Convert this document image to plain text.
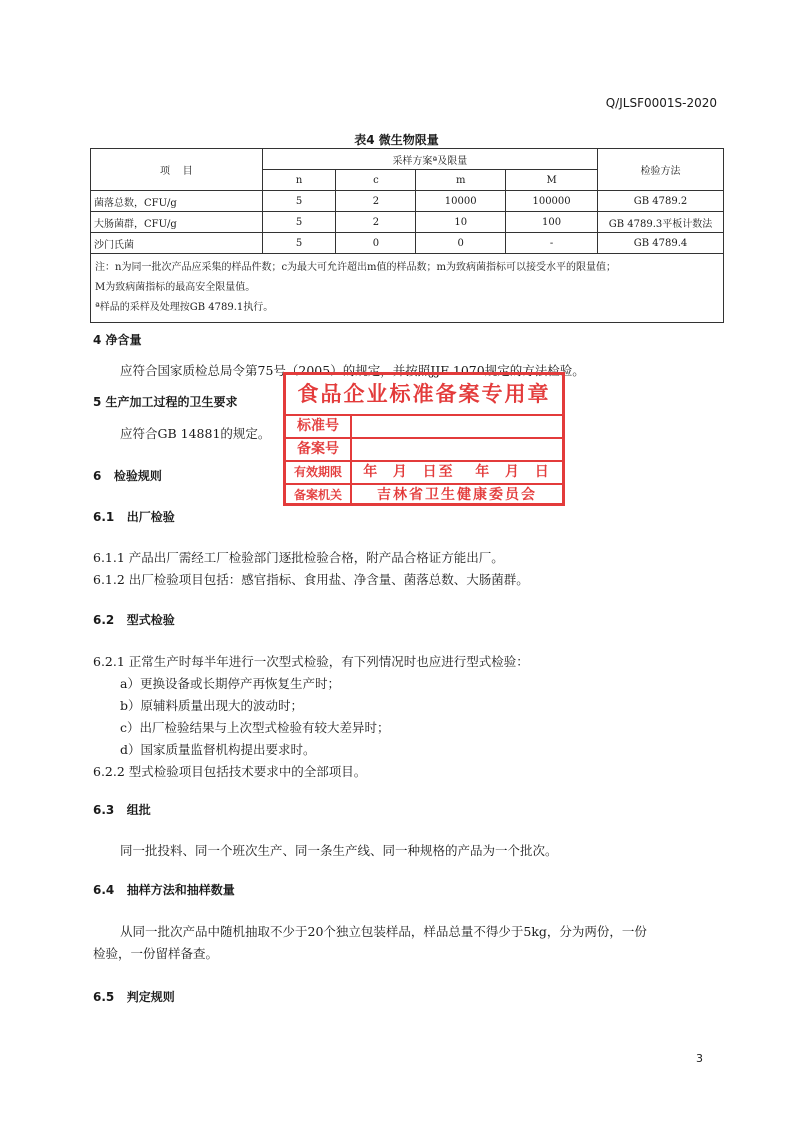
Q/JLSF0001S-2020
表4 微生物限量
项    目	采样方案ª及限量				检验方法
	n	c	m	M	
菌落总数，CFU/g	5	2	10000	100000	GB 4789.2
大肠菌群，CFU/g	5	2	10	100	GB 4789.3平板计数法
沙门氏菌	5	0	0	-	GB 4789.4

注：n为同一批次产品应采集的样品件数；c为最大可允许超出m值的样品数；m为致病菌指标可以接受水平的限量值；
M为致病菌指标的最高安全限量值。
ª样品的采样及处理按GB 4789.1执行。					
4 净含量
应符合国家质检总局令第75号（2005）的规定，并按照JJF 1070规定的方法检验。
5 生产加工过程的卫生要求
应符合GB 14881的规定。
食品企业标准备案专用章
标准号
备案号
有效期限	年  月  日至   年  月  日
备案机关	吉林省卫生健康委员会
6   检验规则
6.1   出厂检验
6.1.1 产品出厂需经工厂检验部门逐批检验合格，附产品合格证方能出厂。
6.1.2 出厂检验项目包括：感官指标、食用盐、净含量、菌落总数、大肠菌群。
6.2   型式检验
6.2.1 正常生产时每半年进行一次型式检验，有下列情况时也应进行型式检验：
a）更换设备或长期停产再恢复生产时；
b）原辅料质量出现大的波动时；
c）出厂检验结果与上次型式检验有较大差异时；
d）国家质量监督机构提出要求时。
6.2.2 型式检验项目包括技术要求中的全部项目。
6.3   组批
同一批投料、同一个班次生产、同一条生产线、同一种规格的产品为一个批次。
6.4   抽样方法和抽样数量
从同一批次产品中随机抽取不少于20个独立包装样品，样品总量不得少于5kg，分为两份，一份
检验，一份留样备查。
6.5   判定规则
3
